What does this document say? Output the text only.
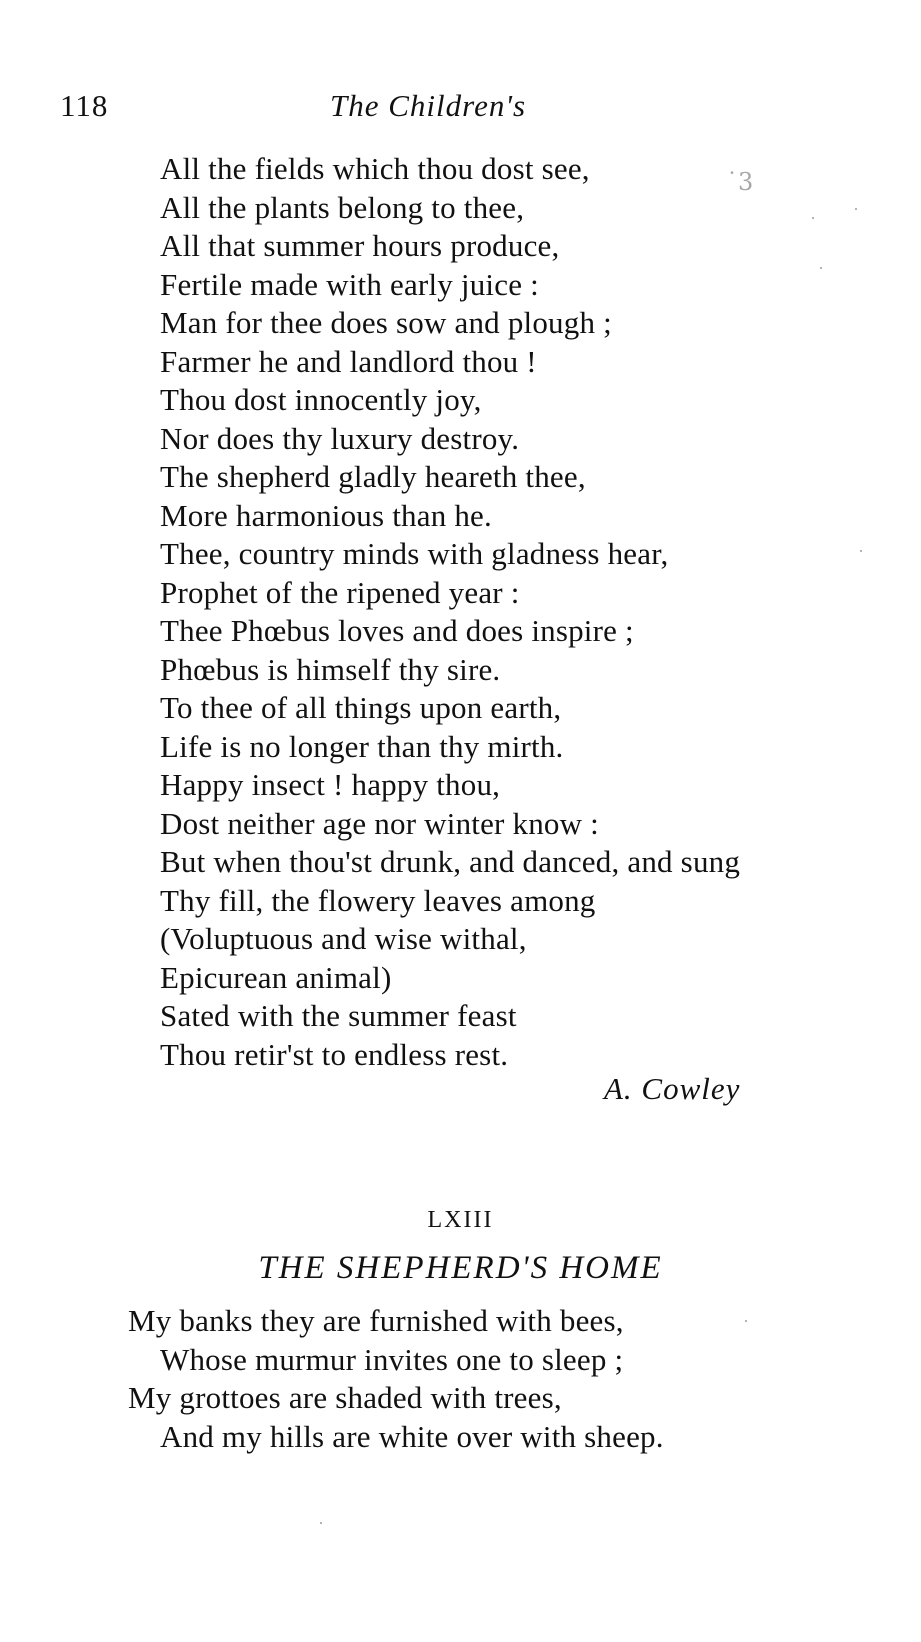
118	The Children's
All the fields which thou dost see,
All the plants belong to thee,
All that summer hours produce,
Fertile made with early juice :
Man for thee does sow and plough ;
Farmer he and landlord thou !
Thou dost innocently joy,
Nor does thy luxury destroy.
The shepherd gladly heareth thee,
More harmonious than he.
Thee, country minds with gladness hear,
Prophet of the ripened year :
Thee Phœbus loves and does inspire ;
Phœbus is himself thy sire.
To thee of all things upon earth,
Life is no longer than thy mirth.
Happy insect ! happy thou,
Dost neither age nor winter know :
But when thou'st drunk, and danced, and sung
Thy fill, the flowery leaves among
(Voluptuous and wise withal,
Epicurean animal)
Sated with the summer feast
Thou retir'st to endless rest.
A. Cowley
LXIII
THE SHEPHERD'S HOME
My banks they are furnished with bees,
Whose murmur invites one to sleep ;
My grottoes are shaded with trees,
And my hills are white over with sheep.
˙3
